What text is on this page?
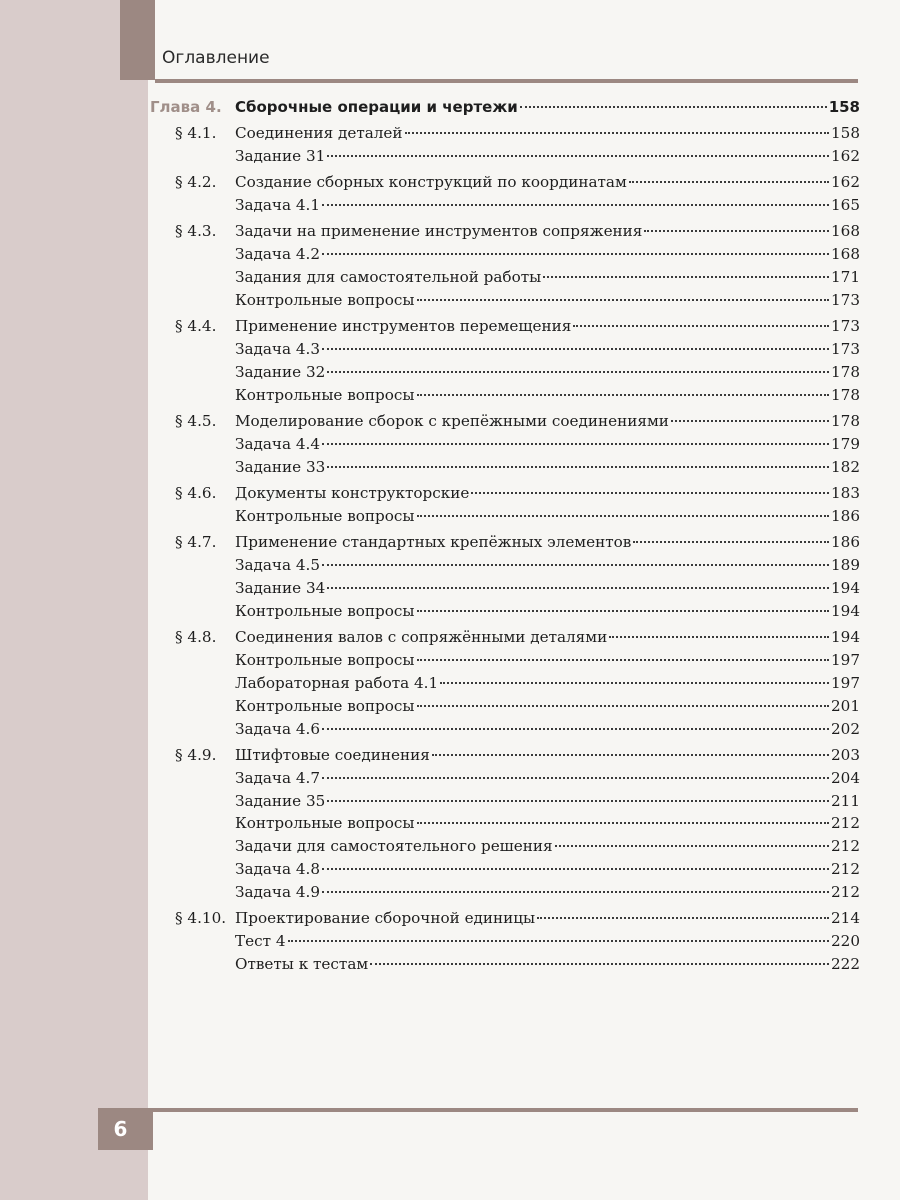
Оглавление
Глава 4. Сборочные операции и чертежи	158
§ 4.1.	Соединения деталей	158
Задание 31	162
§ 4.2.	Создание сборных конструкций по координатам	162
Задача 4.1	165
§ 4.3.	Задачи на применение инструментов сопряжения	168
Задача 4.2	168
Задания для самостоятельной работы	171
Контрольные вопросы	173
§ 4.4.	Применение инструментов перемещения	173
Задача 4.3	173
Задание 32	178
Контрольные вопросы	178
§ 4.5.	Моделирование сборок с крепёжными соединениями	178
Задача 4.4	179
Задание 33	182
§ 4.6.	Документы конструкторские	183
Контрольные вопросы	186
§ 4.7.	Применение стандартных крепёжных элементов	186
Задача 4.5	189
Задание 34	194
Контрольные вопросы	194
§ 4.8.	Соединения валов с сопряжёнными деталями	194
Контрольные вопросы	197
Лабораторная работа 4.1	197
Контрольные вопросы	201
Задача 4.6	202
§ 4.9.	Штифтовые соединения	203
Задача 4.7	204
Задание 35	211
Контрольные вопросы	212
Задачи для самостоятельного решения	212
Задача 4.8	212
Задача 4.9	212
§ 4.10. Проектирование сборочной единицы	214
Тест 4	220
Ответы к тестам	222
6
